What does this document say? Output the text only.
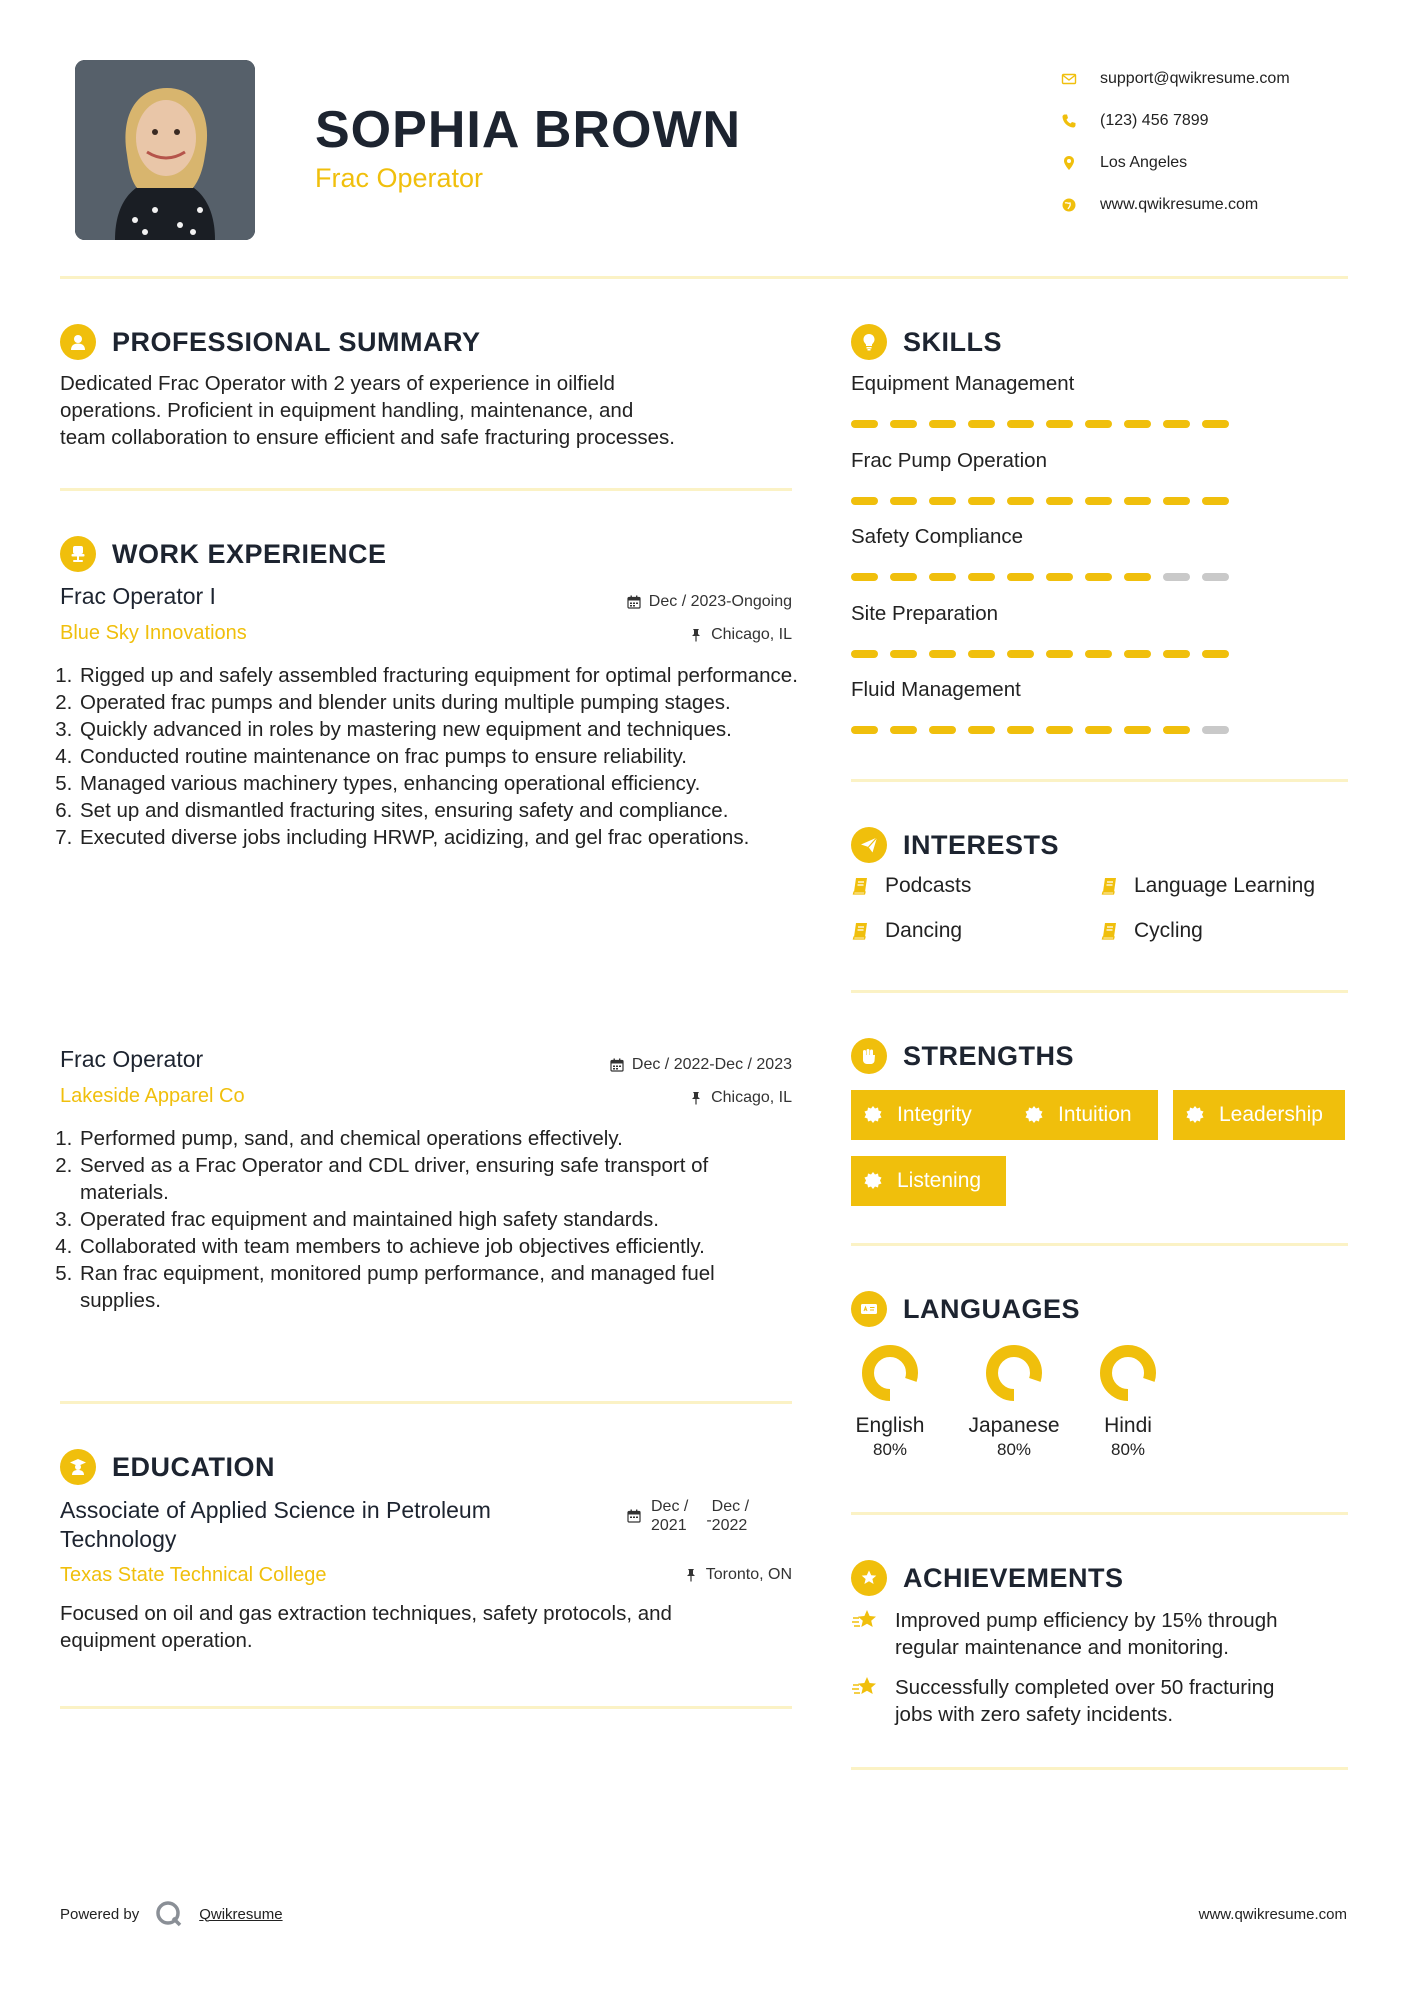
SOPHIA BROWN
Frac Operator
support@qwikresume.com
(123) 456 7899
Los Angeles
www.qwikresume.com
PROFESSIONAL SUMMARY
Dedicated Frac Operator with 2 years of experience in oilfield
operations. Proficient in equipment handling, maintenance, and
team collaboration to ensure efficient and safe fracturing processes.
WORK EXPERIENCE
Frac Operator I	Dec / 2023-Ongoing
Blue Sky Innovations	Chicago, IL
1. Rigged up and safely assembled fracturing equipment for optimal performance.
2. Operated frac pumps and blender units during multiple pumping stages.
3. Quickly advanced in roles by mastering new equipment and techniques.
4. Conducted routine maintenance on frac pumps to ensure reliability.
5. Managed various machinery types, enhancing operational efficiency.
6. Set up and dismantled fracturing sites, ensuring safety and compliance.
7. Executed diverse jobs including HRWP, acidizing, and gel frac operations.
Frac Operator	Dec / 2022-Dec / 2023
Lakeside Apparel Co	Chicago, IL
1. Performed pump, sand, and chemical operations effectively.
2. Served as a Frac Operator and CDL driver, ensuring safe transport of materials.
3. Operated frac equipment and maintained high safety standards.
4. Collaborated with team members to achieve job objectives efficiently.
5. Ran frac equipment, monitored pump performance, and managed fuel supplies.
EDUCATION
Associate of Applied Science in Petroleum
Technology
Dec /
2021 -
Dec /
2022
Texas State Technical College	Toronto, ON
Focused on oil and gas extraction techniques, safety protocols, and
equipment operation.
SKILLS
Equipment Management
Frac Pump Operation
Safety Compliance
Site Preparation
Fluid Management
INTERESTS
Podcasts	Language Learning
Dancing	Cycling
STRENGTHS
Integrity	Intuition	Leadership
Listening
LANGUAGES
English
80%
Japanese
80%
Hindi
80%
ACHIEVEMENTS
Improved pump efficiency by 15% through
regular maintenance and monitoring.
Successfully completed over 50 fracturing
jobs with zero safety incidents.
Powered by	Qwikresume	www.qwikresume.com
